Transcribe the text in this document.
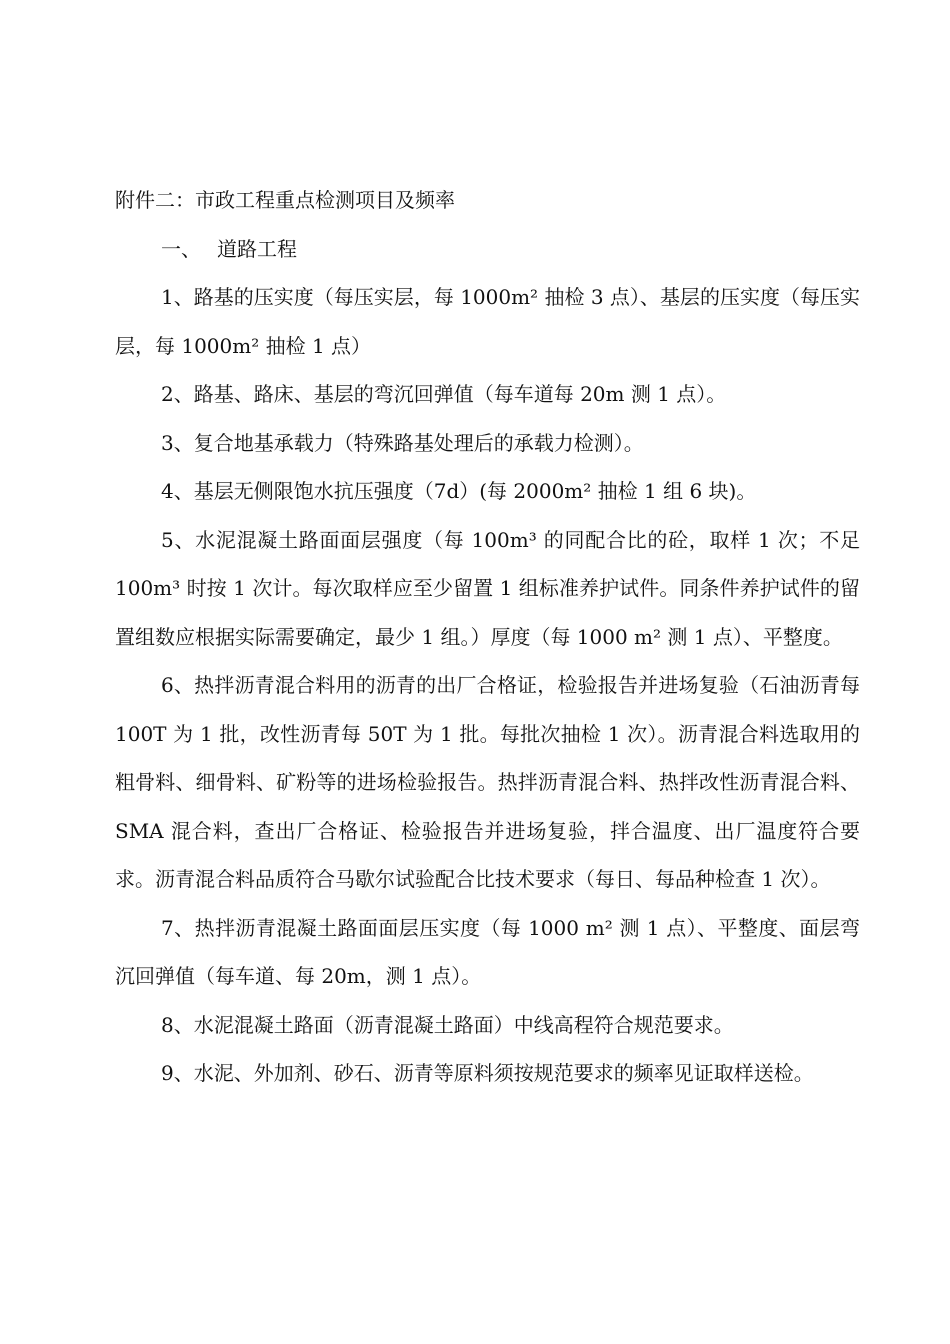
附件二：市政工程重点检测项目及频率
一、 道路工程

1、路基的压实度（每压实层，每 1000m² 抽检 3 点）、基层的压实度（每压实层，每 1000m² 抽检 1 点）

2、路基、路床、基层的弯沉回弹值（每车道每 20m 测 1 点）。

3、复合地基承载力（特殊路基处理后的承载力检测）。

4、基层无侧限饱水抗压强度（7d）(每 2000m² 抽检 1 组 6 块)。

5、水泥混凝土路面面层强度（每 100m³ 的同配合比的砼，取样 1 次；不足 100m³ 时按 1 次计。每次取样应至少留置 1 组标准养护试件。同条件养护试件的留置组数应根据实际需要确定，最少 1 组。）厚度（每 1000 m² 测 1 点）、平整度。

6、热拌沥青混合料用的沥青的出厂合格证，检验报告并进场复验（石油沥青每 100T 为 1 批，改性沥青每 50T 为 1 批。每批次抽检 1 次）。沥青混合料选取用的粗骨料、细骨料、矿粉等的进场检验报告。热拌沥青混合料、热拌改性沥青混合料、SMA 混合料，查出厂合格证、检验报告并进场复验，拌合温度、出厂温度符合要求。沥青混合料品质符合马歇尔试验配合比技术要求（每日、每品种检查 1 次）。

7、热拌沥青混凝土路面面层压实度（每 1000 m² 测 1 点）、平整度、面层弯沉回弹值（每车道、每 20m，测 1 点）。

8、水泥混凝土路面（沥青混凝土路面）中线高程符合规范要求。

9、水泥、外加剂、砂石、沥青等原料须按规范要求的频率见证取样送检。
